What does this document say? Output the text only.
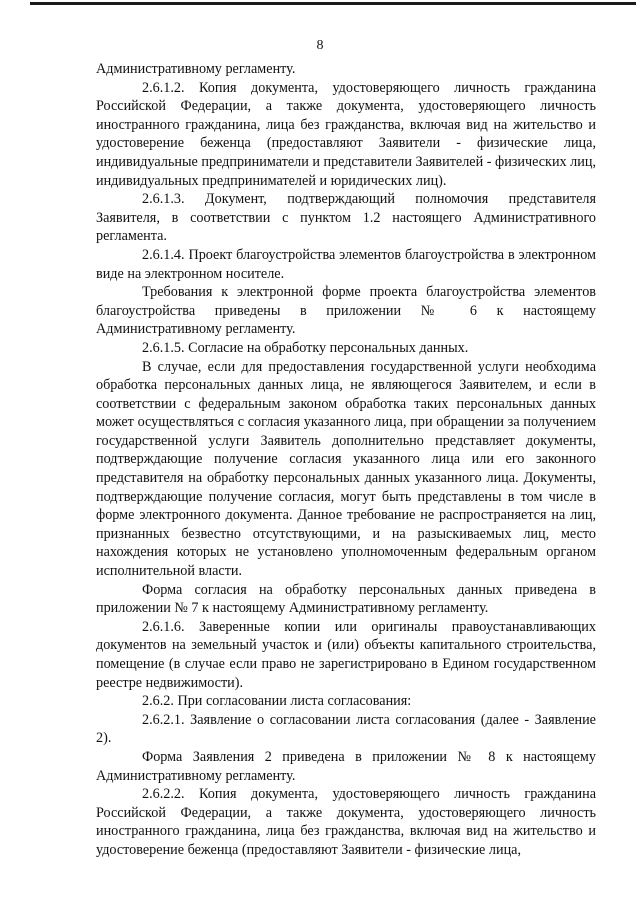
8

Административному регламенту.

2.6.1.2. Копия документа, удостоверяющего личность гражданина Российской Федерации, а также документа, удостоверяющего личность иностранного гражданина, лица без гражданства, включая вид на жительство и удостоверение беженца (предоставляют Заявители - физические лица, индивидуальные предприниматели и представители Заявителей - физических лиц, индивидуальных предпринимателей и юридических лиц).

2.6.1.3. Документ, подтверждающий полномочия представителя Заявителя, в соответствии с пунктом 1.2 настоящего Административного регламента.

2.6.1.4. Проект благоустройства элементов благоустройства в электронном виде на электронном носителе.

Требования к электронной форме проекта благоустройства элементов благоустройства приведены в приложении № 6 к настоящему Административному регламенту.

2.6.1.5. Согласие на обработку персональных данных.

В случае, если для предоставления государственной услуги необходима обработка персональных данных лица, не являющегося Заявителем, и если в соответствии с федеральным законом обработка таких персональных данных может осуществляться с согласия указанного лица, при обращении за получением государственной услуги Заявитель дополнительно представляет документы, подтверждающие получение согласия указанного лица или его законного представителя на обработку персональных данных указанного лица. Документы, подтверждающие получение согласия, могут быть представлены в том числе в форме электронного документа. Данное требование не распространяется на лиц, признанных безвестно отсутствующими, и на разыскиваемых лиц, место нахождения которых не установлено уполномоченным федеральным органом исполнительной власти.

Форма согласия на обработку персональных данных приведена в приложении № 7 к настоящему Административному регламенту.

2.6.1.6. Заверенные копии или оригиналы правоустанавливающих документов на земельный участок и (или) объекты капитального строительства, помещение (в случае если право не зарегистрировано в Едином государственном реестре недвижимости).

2.6.2. При согласовании листа согласования:

2.6.2.1. Заявление о согласовании листа согласования (далее - Заявление 2).

Форма Заявления 2 приведена в приложении № 8 к настоящему Административному регламенту.

2.6.2.2. Копия документа, удостоверяющего личность гражданина Российской Федерации, а также документа, удостоверяющего личность иностранного гражданина, лица без гражданства, включая вид на жительство и удостоверение беженца (предоставляют Заявители - физические лица,
